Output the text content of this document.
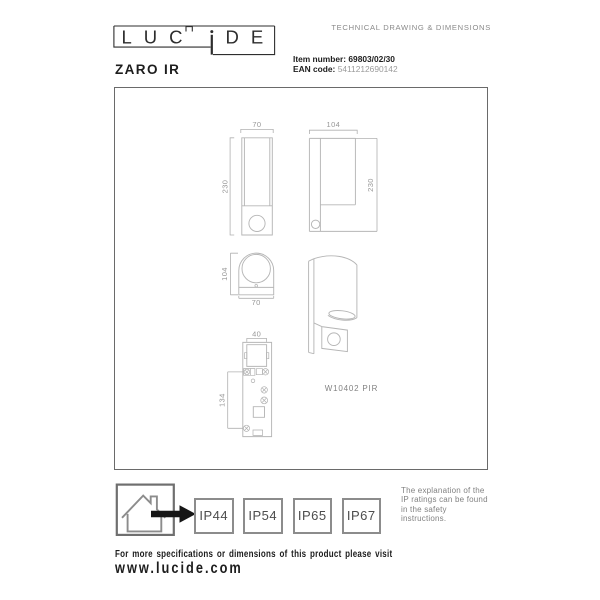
LUC DE	TECHNICAL DRAWING & DIMENSIONS
ZARO IR
Item number: 69803/02/30
EAN code: 5411212690142
70
230
104
230
104
70
W10402 PIR
40
134
IP44 IP54 IP65 IP67
The explanation of the
IP ratings can be found
in the safety
instructions.
For more specifications or dimensions of this product please visit
www.lucide.com
